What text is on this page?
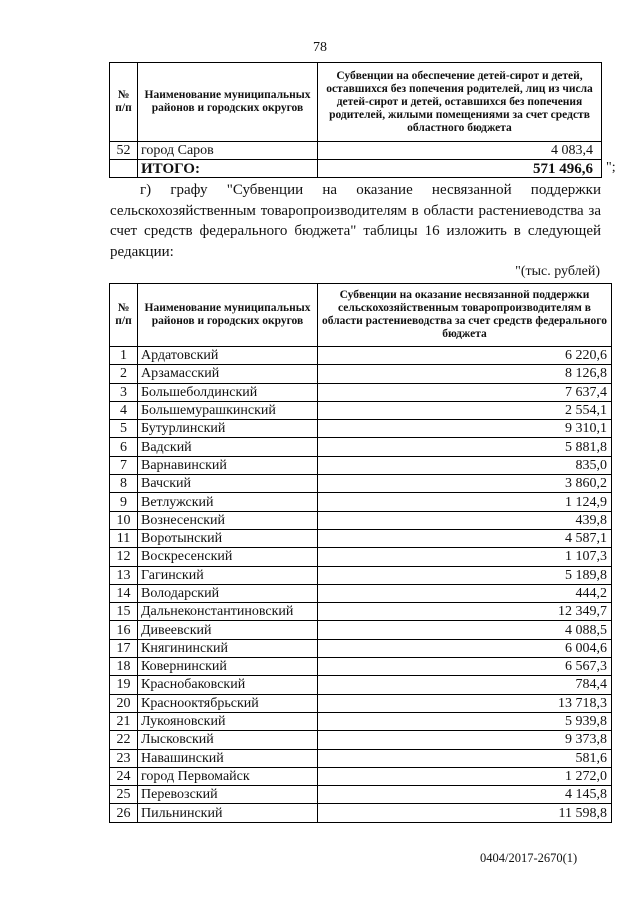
78
№ п/п	Наименование муниципальных районов и городских округов	Субвенции на обеспечение детей-сирот и детей, оставшихся без попечения родителей, лиц из числа детей-сирот и детей, оставшихся без попечения родителей, жилыми помещениями за счет средств областного бюджета
52	город Саров	4 083,4
	ИТОГО:	571 496,6 ";

г) графу "Субвенции на оказание несвязанной поддержки сельскохозяйственным товаропроизводителям в области растениеводства за счет средств федерального бюджета" таблицы 16 изложить в следующей редакции:

"(тыс. рублей)
№ п/п	Наименование муниципальных районов и городских округов	Субвенции на оказание несвязанной поддержки сельскохозяйственным товаропроизводителям в области растениеводства за счет средств федерального бюджета
1	Ардатовский	6 220,6
2	Арзамасский	8 126,8
3	Большеболдинский	7 637,4
4	Большемурашкинский	2 554,1
5	Бутурлинский	9 310,1
6	Вадский	5 881,8
7	Варнавинский	835,0
8	Вачский	3 860,2
9	Ветлужский	1 124,9
10	Вознесенский	439,8
11	Воротынский	4 587,1
12	Воскресенский	1 107,3
13	Гагинский	5 189,8
14	Володарский	444,2
15	Дальнеконстантиновский	12 349,7
16	Дивеевский	4 088,5
17	Княгининский	6 004,6
18	Ковернинский	6 567,3
19	Краснобаковский	784,4
20	Краснооктябрьский	13 718,3
21	Лукояновский	5 939,8
22	Лысковский	9 373,8
23	Навашинский	581,6
24	город Первомайск	1 272,0
25	Перевозский	4 145,8
26	Пильнинский	11 598,8
0404/2017-2670(1)
